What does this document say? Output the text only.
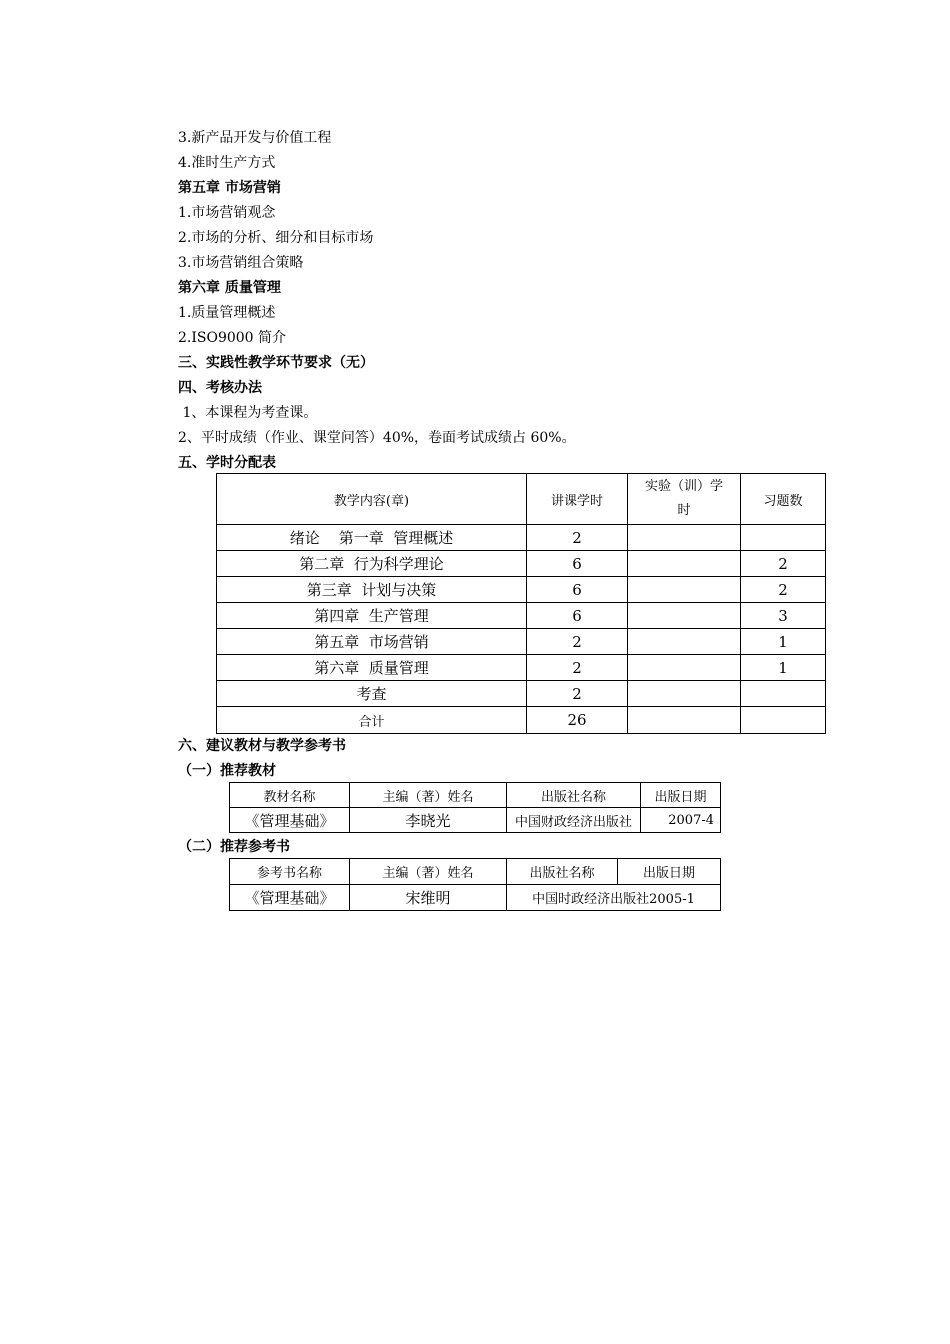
3.新产品开发与价值工程
4.准时生产方式
第五章 市场营销
1.市场营销观念
2.市场的分析、细分和目标市场
3.市场营销组合策略
第六章 质量管理
1.质量管理概述
2.ISO9000 简介
三、实践性教学环节要求（无）
四、考核办法
1、本课程为考查课。
2、平时成绩（作业、课堂问答）40%，卷面考试成绩占 60%。
五、学时分配表
教学内容(章)	讲课学时	实验（训）学时	习题数
绪论    第一章  管理概述	2		
第二章  行为科学理论	6		2
第三章  计划与决策	6		2
第四章  生产管理	6		3
第五章  市场营销	2		1
第六章  质量管理	2		1
考查	2		
合计	26		
六、建议教材与教学参考书
（一）推荐教材
教材名称	主编（著）姓名	出版社名称	出版日期
《管理基础》	李晓光	中国财政经济出版社	2007-4
（二）推荐参考书
参考书名称	主编（著）姓名	出版社名称	出版日期
《管理基础》	宋维明	中国时政经济出版社2005-1	
